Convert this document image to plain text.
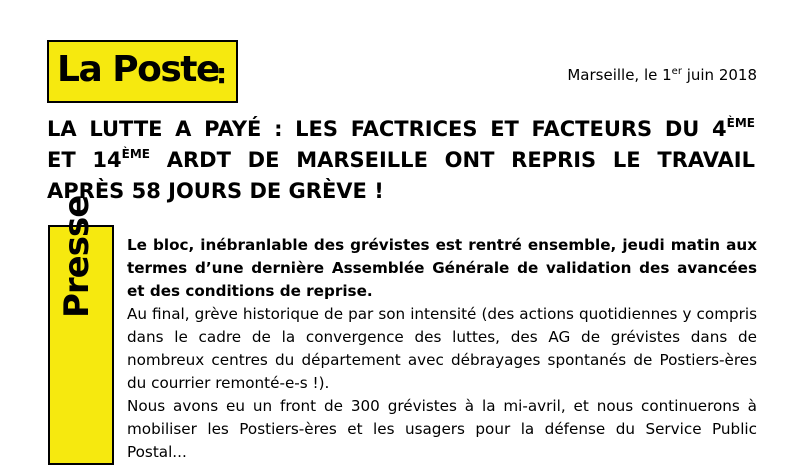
La Poste
:	Marseille, le 1er juin 2018
LA LUTTE A PAYÉ : LES FACTRICES ET FACTEURS DU 4ÈME
ET 14ÈME ARDT DE MARSEILLE ONT REPRIS LE TRAVAIL
APRÈS 58 JOURS DE GRÈVE !
Presse Le bloc, inébranlable des grévistes est rentré ensemble, jeudi matin aux termes d’une dernière Assemblée Générale de validation des avancées et des conditions de reprise.

Au final, grève historique de par son intensité (des actions quotidiennes y compris dans le cadre de la convergence des luttes, des AG de grévistes dans de nombreux centres du département avec débrayages spontanés de Postiers-ères du courrier remonté-e-s !).

Nous avons eu un front de 300 grévistes à la mi-avril, et nous continuerons à mobiliser les Postiers-ères et les usagers pour la défense du Service Public Postal...
